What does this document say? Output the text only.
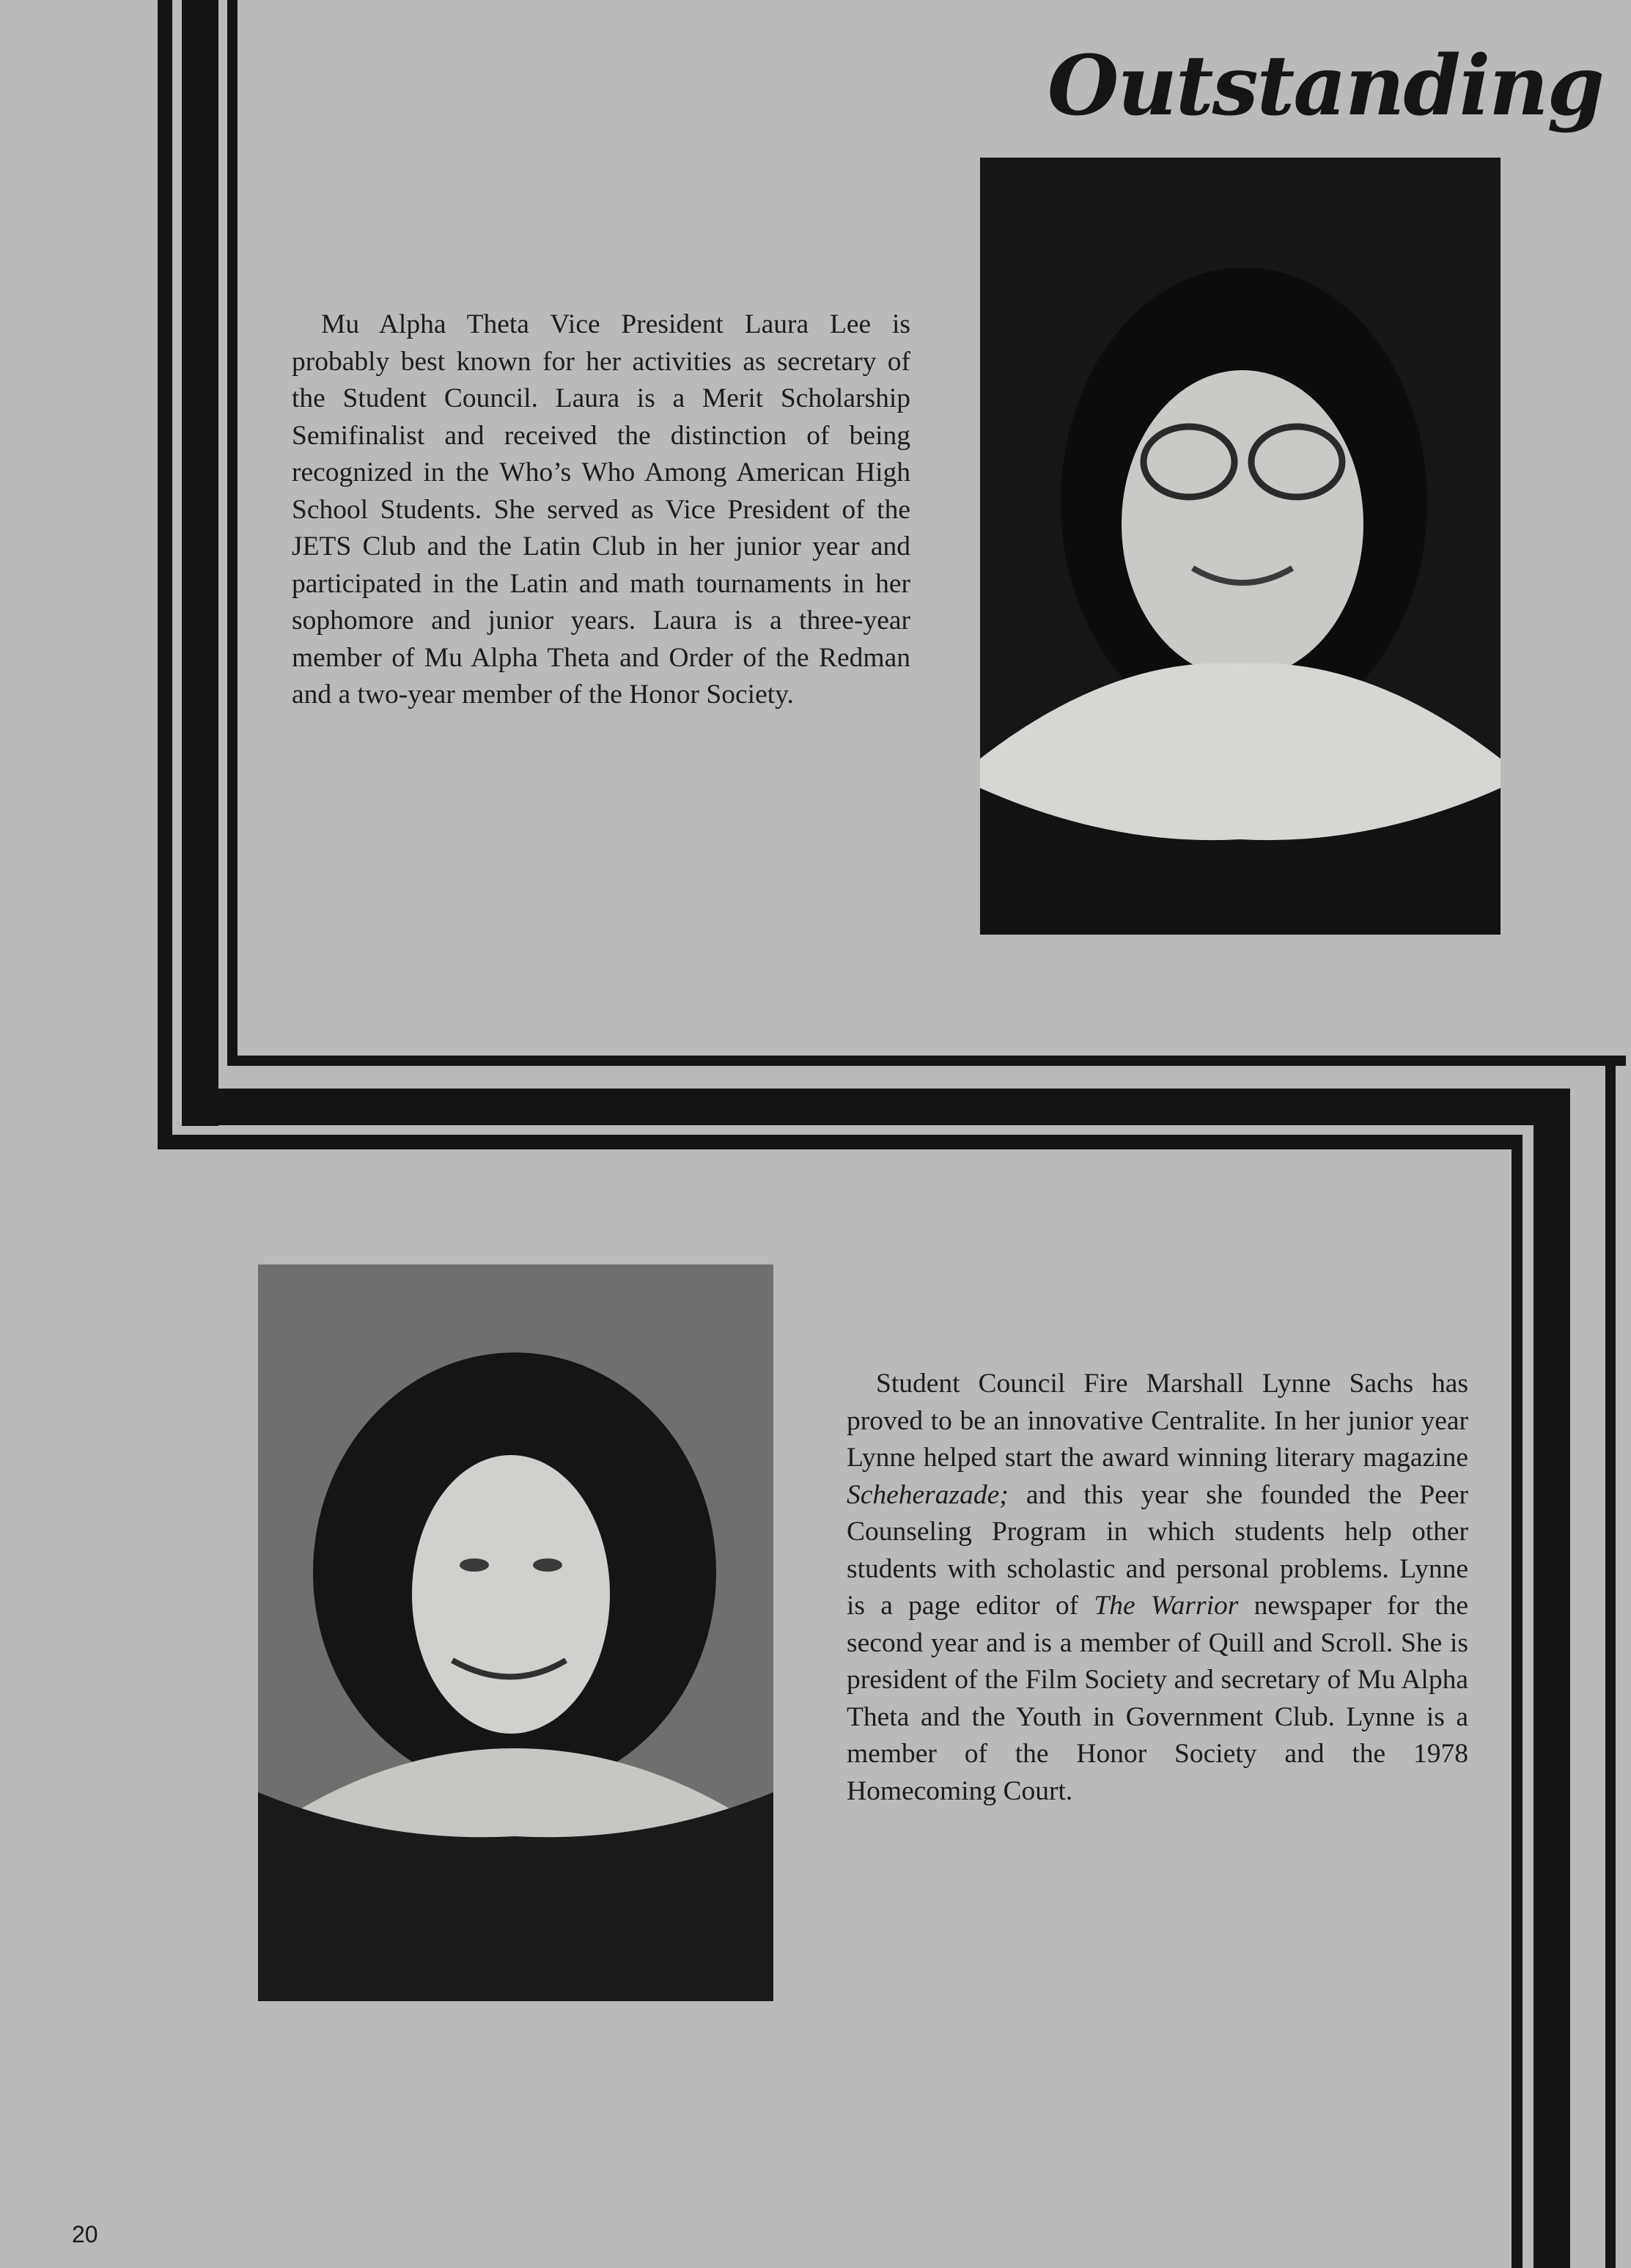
Outstanding

Mu Alpha Theta Vice President Laura Lee is probably best known for her activities as secretary of the Student Council. Laura is a Merit Scholarship Semifinalist and received the distinction of being recognized in the Who’s Who Among American High School Students. She served as Vice President of the JETS Club and the Latin Club in her junior year and participated in the Latin and math tournaments in her sophomore and junior years. Laura is a three-year member of Mu Alpha Theta and Order of the Redman and a two-year member of the Honor Society.

Student Council Fire Marshall Lynne Sachs has proved to be an innovative Centralite. In her junior year Lynne helped start the award winning literary magazine Scheherazade; and this year she founded the Peer Counseling Program in which students help other students with scholastic and personal problems. Lynne is a page editor of The Warrior newspaper for the second year and is a member of Quill and Scroll. She is president of the Film Society and secretary of Mu Alpha Theta and the Youth in Government Club. Lynne is a member of the Honor Society and the 1978 Homecoming Court.

20
